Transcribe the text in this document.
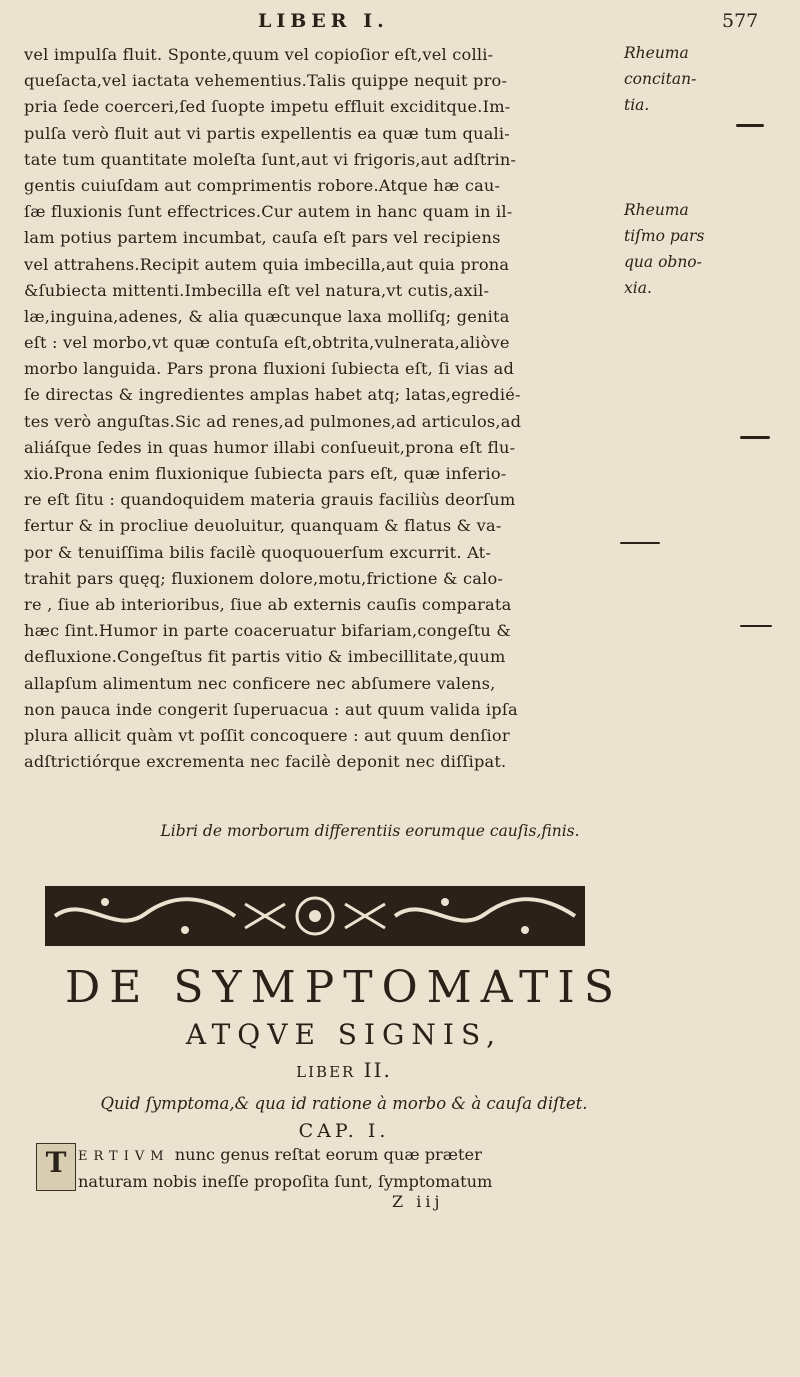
LIBER I.	577
vel impulſa fluit. Sponte,quum vel copioſior eſt,vel colli-
queſacta,vel iactata vehementius.Talis quippe nequit pro-
pria ſede coerceri,ſed ſuopte impetu effluit exciditque.Im-
pulſa verò fluit aut vi partis expellentis ea quæ tum quali-
tate tum quantitate moleſta ſunt,aut vi frigoris,aut adſtrin-
gentis cuiuſdam aut comprimentis robore.Atque hæ cau-
ſæ fluxionis ſunt effectrices.Cur autem in hanc quam in il-
lam potius partem incumbat, cauſa eſt pars vel recipiens
vel attrahens.Recipit autem quia imbecilla,aut quia prona
&ſubiecta mittenti.Imbecilla eſt vel natura,vt cutis,axil-
læ,inguina,adenes, & alia quæcunque laxa molliſq; genita
eſt : vel morbo,vt quæ contuſa eſt,obtrita,vulnerata,aliòve
morbo languida. Pars prona fluxioni ſubiecta eſt, ſi vias ad
ſe directas & ingredientes amplas habet atq; latas,egredié-
tes verò anguſtas.Sic ad renes,ad pulmones,ad articulos,ad
aliáſque ſedes in quas humor illabi conſueuit,prona eſt flu-
xio.Prona enim fluxionique ſubiecta pars eſt, quæ inferio-
re eſt ſitu : quandoquidem materia grauis faciliùs deorſum
fertur & in procliue deuoluitur, quanquam & flatus & va-
por & tenuiſſima bilis facilè quoquouerſum excurrit. At-
trahit pars quęq; fluxionem dolore,motu,frictione & calo-
re , ſiue ab interioribus, ſiue ab externis cauſis comparata
hæc ſint.Humor in parte coaceruatur bifariam,congeſtu &
defluxione.Congeſtus fit partis vitio & imbecillitate,quum
allapſum alimentum nec conficere nec abſumere valens,
non pauca inde congerit ſuperuacua : aut quum valida ipſa
plura allicit quàm vt poſſit concoquere : aut quum denſior
adſtrictiórque excrementa nec facilè deponit nec diſſipat.
Rheuma
concitan-
tia.
Rheuma
tiſmo pars
qua obno-
xia.
Libri de morborum differentiis eorumque cauſis,finis.
DE SYMPTOMATIS
ATQVE SIGNIS,
LIBER II.
Quid ſymptoma,& qua id ratione à morbo & à cauſa diſtet.
CAP. I.
T ERTIVM nunc genus reſtat eorum quæ præter
naturam nobis ineſſe propoſita ſunt, ſymptomatum
Z iij
